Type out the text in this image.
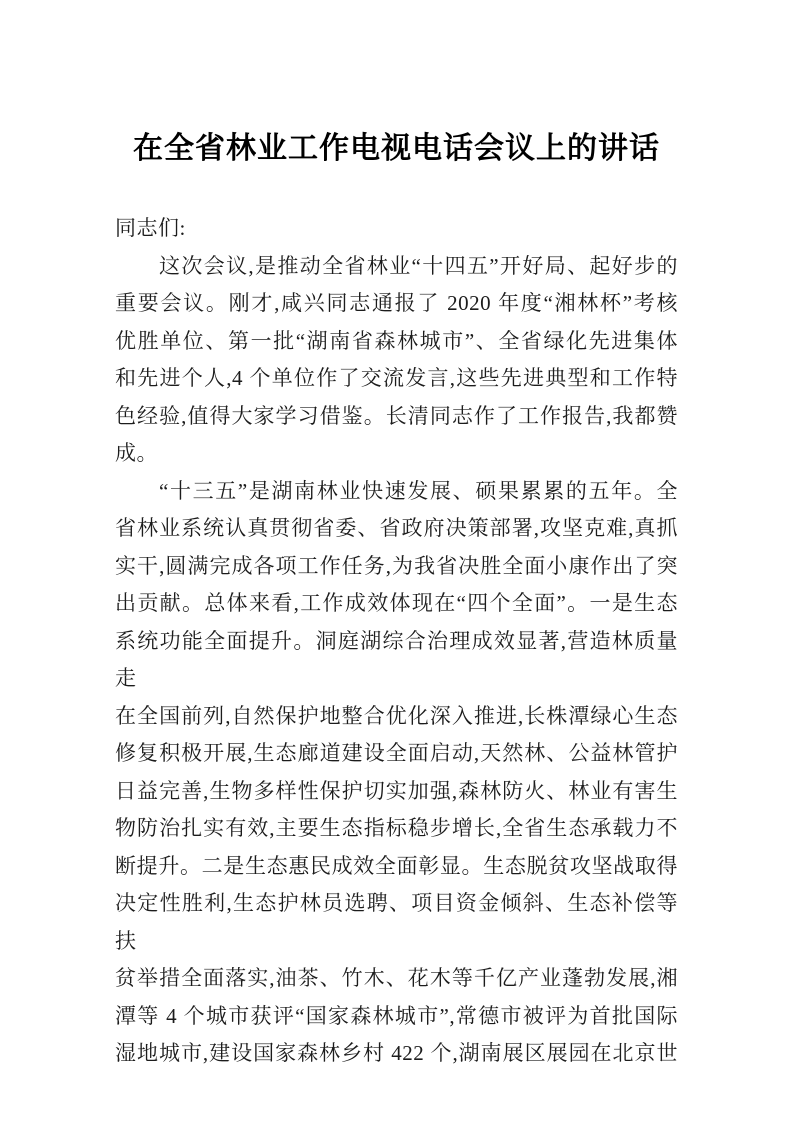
在全省林业工作电视电话会议上的讲话
同志们:
这次会议,是推动全省林业“十四五”开好局、起好步的
重要会议。刚才,咸兴同志通报了 2020 年度“湘林杯”考核
优胜单位、第一批“湖南省森林城市”、全省绿化先进集体
和先进个人,4 个单位作了交流发言,这些先进典型和工作特
色经验,值得大家学习借鉴。长清同志作了工作报告,我都赞
成。
“十三五”是湖南林业快速发展、硕果累累的五年。全
省林业系统认真贯彻省委、省政府决策部署,攻坚克难,真抓
实干,圆满完成各项工作任务,为我省决胜全面小康作出了突
出贡献。总体来看,工作成效体现在“四个全面”。一是生态
系统功能全面提升。洞庭湖综合治理成效显著,营造林质量走
在全国前列,自然保护地整合优化深入推进,长株潭绿心生态
修复积极开展,生态廊道建设全面启动,天然林、公益林管护
日益完善,生物多样性保护切实加强,森林防火、林业有害生
物防治扎实有效,主要生态指标稳步增长,全省生态承载力不
断提升。二是生态惠民成效全面彰显。生态脱贫攻坚战取得
决定性胜利,生态护林员选聘、项目资金倾斜、生态补偿等扶
贫举措全面落实,油茶、竹木、花木等千亿产业蓬勃发展,湘
潭等 4 个城市获评“国家森林城市”,常德市被评为首批国际
湿地城市,建设国家森林乡村 422 个,湖南展区展园在北京世
